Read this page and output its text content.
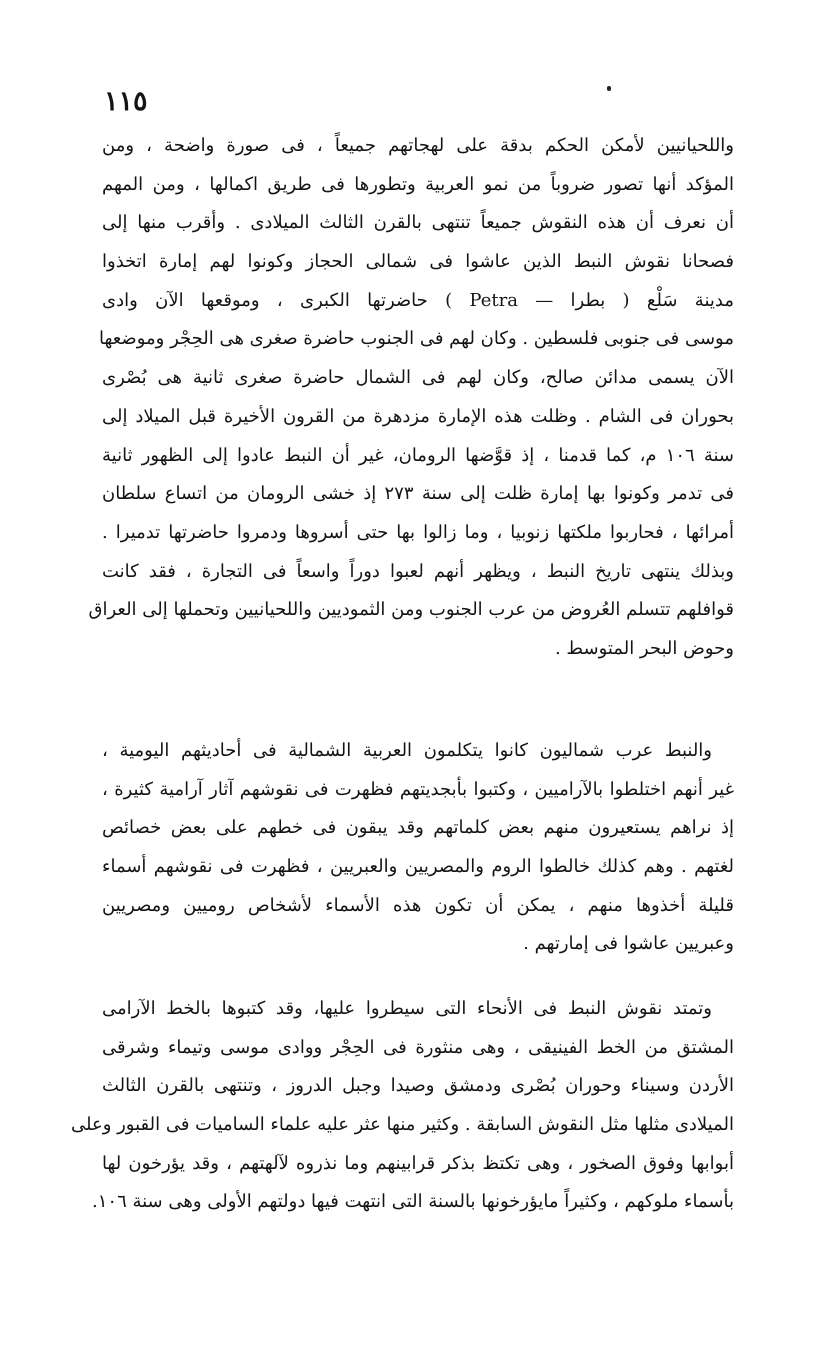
١١٥
واللحيانيين لأمكن الحكم بدقة على لهجاتهم جميعاً ، فى صورة واضحة ، ومن
المؤكد أنها تصور ضروباً من نمو العربية وتطورها فى طريق اكمالها ، ومن المهم
أن نعرف أن هذه النقوش جميعاً تنتهى بالقرن الثالث الميلادى . وأقرب منها إلى
فصحانا نقوش النبط الذين عاشوا فى شمالى الحجاز وكونوا لهم إمارة اتخذوا
مدينة سَلْع ( بطرا — Petra ) حاضرتها الكبرى ، وموقعها الآن وادى
موسى فى جنوبى فلسطين . وكان لهم فى الجنوب حاضرة صغرى هى الحِجْر وموضعها
الآن يسمى مدائن صالح، وكان لهم فى الشمال حاضرة صغرى ثانية هى بُصْرى
بحوران فى الشام . وظلت هذه الإمارة مزدهرة من القرون الأخيرة قبل الميلاد إلى
سنة ١٠٦ م، كما قدمنا ، إذ قوَّضها الرومان، غير أن النبط عادوا إلى الظهور ثانية
فى تدمر وكونوا بها إمارة ظلت إلى سنة ٢٧٣ إذ خشى الرومان من اتساع سلطان
أمرائها ، فحاربوا ملكتها زنوبيا ، وما زالوا بها حتى أسروها ودمروا حاضرتها تدميرا .
وبذلك ينتهى تاريخ النبط ، ويظهر أنهم لعبوا دوراً واسعاً فى التجارة ، فقد كانت
قوافلهم تتسلم العُروض من عرب الجنوب ومن الثموديين واللحيانيين وتحملها إلى العراق
وحوض البحر المتوسط .
والنبط عرب شماليون كانوا يتكلمون العربية الشمالية فى أحاديثهم اليومية ،
غير أنهم اختلطوا بالآراميين ، وكتبوا بأبجديتهم فظهرت فى نقوشهم آثار آرامية كثيرة ،
إذ نراهم يستعيرون منهم بعض كلماتهم وقد يبقون فى خطهم على بعض خصائص
لغتهم . وهم كذلك خالطوا الروم والمصريين والعبريين ، فظهرت فى نقوشهم أسماء
قليلة أخذوها منهم ، يمكن أن تكون هذه الأسماء لأشخاص روميين ومصريين
وعبريين عاشوا فى إمارتهم .
وتمتد نقوش النبط فى الأنحاء التى سيطروا عليها، وقد كتبوها بالخط الآرامى
المشتق من الخط الفينيقى ، وهى منثورة فى الحِجْر ووادى موسى وتيماء وشرقى
الأردن وسيناء وحوران بُصْرى ودمشق وصيدا وجبل الدروز ، وتنتهى بالقرن الثالث
الميلادى مثلها مثل النقوش السابقة . وكثير منها عثر عليه علماء الساميات فى القبور وعلى
أبوابها وفوق الصخور ، وهى تكتظ بذكر قرابينهم وما نذروه لآلهتهم ، وقد يؤرخون لها
بأسماء ملوكهم ، وكثيراً مايؤرخونها بالسنة التى انتهت فيها دولتهم الأولى وهى سنة ١٠٦.
